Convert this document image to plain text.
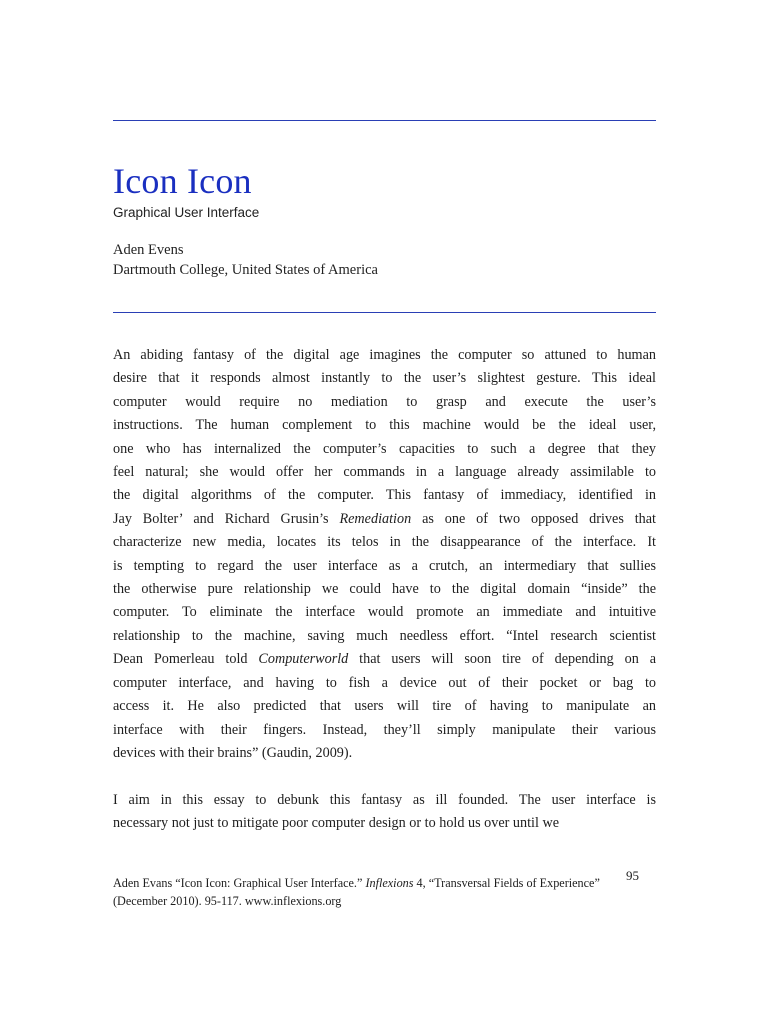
Icon Icon
Graphical User Interface
Aden Evens
Dartmouth College, United States of America

An abiding fantasy of the digital age imagines the computer so attuned to human
desire that it responds almost instantly to the user’s slightest gesture. This ideal
computer would require no mediation to grasp and execute the user’s
instructions. The human complement to this machine would be the ideal user,
one who has internalized the computer’s capacities to such a degree that they
feel natural; she would offer her commands in a language already assimilable to
the digital algorithms of the computer. This fantasy of immediacy, identified in
Jay Bolter’ and Richard Grusin’s Remediation as one of two opposed drives that
characterize new media, locates its telos in the disappearance of the interface. It
is tempting to regard the user interface as a crutch, an intermediary that sullies
the otherwise pure relationship we could have to the digital domain “inside” the
computer. To eliminate the interface would promote an immediate and intuitive
relationship to the machine, saving much needless effort. “Intel research scientist
Dean Pomerleau told Computerworld that users will soon tire of depending on a
computer interface, and having to fish a device out of their pocket or bag to
access it. He also predicted that users will tire of having to manipulate an
interface with their fingers. Instead, they’ll simply manipulate their various
devices with their brains” (Gaudin, 2009).

I aim in this essay to debunk this fantasy as ill founded. The user interface is
necessary not just to mitigate poor computer design or to hold us over until we

Aden Evans “Icon Icon: Graphical User Interface.” Inflexions 4, “Transversal Fields of Experience” (December 2010). 95-117. www.inflexions.org
95
